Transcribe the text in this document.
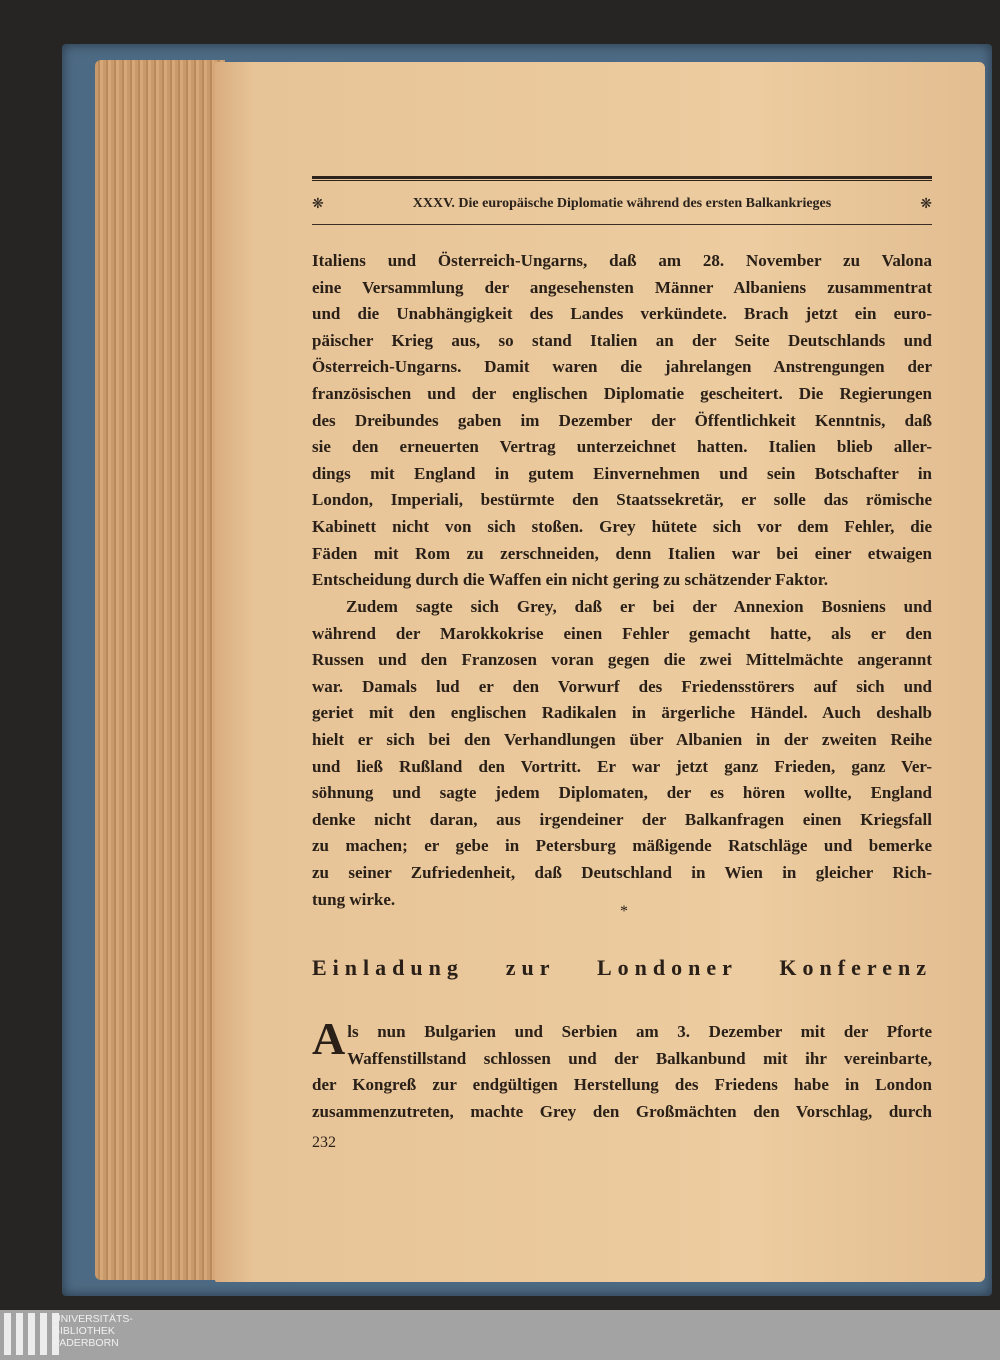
❋	XXXV. Die europäische Diplomatie während des ersten Balkankrieges	❋
Italiens und Österreich-Ungarns, daß am 28. November zu Valona
eine Versammlung der angesehensten Männer Albaniens zusammentrat
und die Unabhängigkeit des Landes verkündete. Brach jetzt ein euro-
päischer Krieg aus, so stand Italien an der Seite Deutschlands und
Österreich-Ungarns. Damit waren die jahrelangen Anstrengungen der
französischen und der englischen Diplomatie gescheitert. Die Regierungen
des Dreibundes gaben im Dezember der Öffentlichkeit Kenntnis, daß
sie den erneuerten Vertrag unterzeichnet hatten. Italien blieb aller-
dings mit England in gutem Einvernehmen und sein Botschafter in
London, Imperiali, bestürmte den Staatssekretär, er solle das römische
Kabinett nicht von sich stoßen. Grey hütete sich vor dem Fehler, die
Fäden mit Rom zu zerschneiden, denn Italien war bei einer etwaigen
Entscheidung durch die Waffen ein nicht gering zu schätzender Faktor.
Zudem sagte sich Grey, daß er bei der Annexion Bosniens und
während der Marokkokrise einen Fehler gemacht hatte, als er den
Russen und den Franzosen voran gegen die zwei Mittelmächte angerannt
war. Damals lud er den Vorwurf des Friedensstörers auf sich und
geriet mit den englischen Radikalen in ärgerliche Händel. Auch deshalb
hielt er sich bei den Verhandlungen über Albanien in der zweiten Reihe
und ließ Rußland den Vortritt. Er war jetzt ganz Frieden, ganz Ver-
söhnung und sagte jedem Diplomaten, der es hören wollte, England
denke nicht daran, aus irgendeiner der Balkanfragen einen Kriegsfall
zu machen; er gebe in Petersburg mäßigende Ratschläge und bemerke
zu seiner Zufriedenheit, daß Deutschland in Wien in gleicher Rich-
tung wirke.
*
Einladung zur Londoner Konferenz
A ls nun Bulgarien und Serbien am 3. Dezember mit der Pforte
Waffenstillstand schlossen und der Balkanbund mit ihr vereinbarte,
der Kongreß zur endgültigen Herstellung des Friedens habe in London
zusammenzutreten, machte Grey den Großmächten den Vorschlag, durch
232
UNIVERSITÄTS-
BIBLIOTHEK
PADERBORN
